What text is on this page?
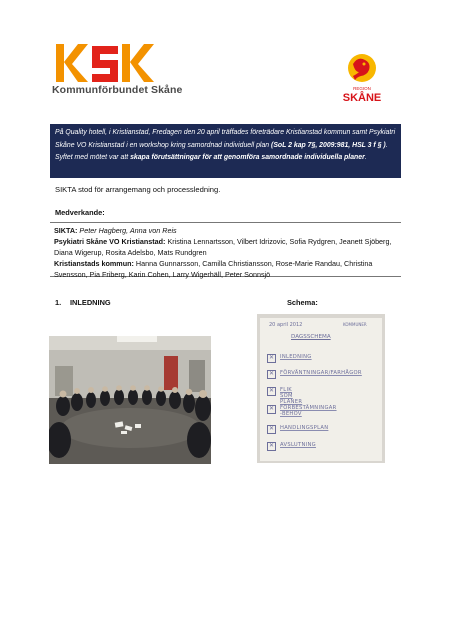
Kommunförbundet Skåne	REGION
SKÅNE
På Quality hotell, i Kristianstad, Fredagen den 20 april träffades företrädare Kristianstad kommun samt Psykiatri Skåne VO Kristianstad i en workshop kring samordnad individuell plan (SoL 2 kap 7§, 2009:981, HSL 3 f § ). Syftet med mötet var att skapa förutsättningar för att genomföra samordnade individuella planer.
SIKTA stod för arrangemang och processledning.
Medverkande:
SIKTA: Peter Hagberg, Anna von Reis
Psykiatri Skåne VO Kristianstad: Kristina Lennartsson, Vilbert Idrizovic, Sofia Rydgren, Jeanett Sjöberg, Diana Wigerup, Rosita Adelsbo, Mats Rundgren
Kristianstads kommun: Hanna Gunnarsson, Camilla Christiansson, Rose-Marie Randau, Christina Svensson, Pia Friberg, Karin Cohen, Larry Wigerhäll, Peter Sonnsjö
1. INLEDNING	Schema:
20 april 2012	KOMMUNER
DAGSSCHEMA
✕	INLEDNING
✕	FÖRVÄNTNINGAR/FARHÅGOR
✕	FLIK SOM PLANER
✕	FÖRBESTÄMNINGAR -BEHOV
✕	HANDLINGSPLAN
✕	AVSLUTNING
